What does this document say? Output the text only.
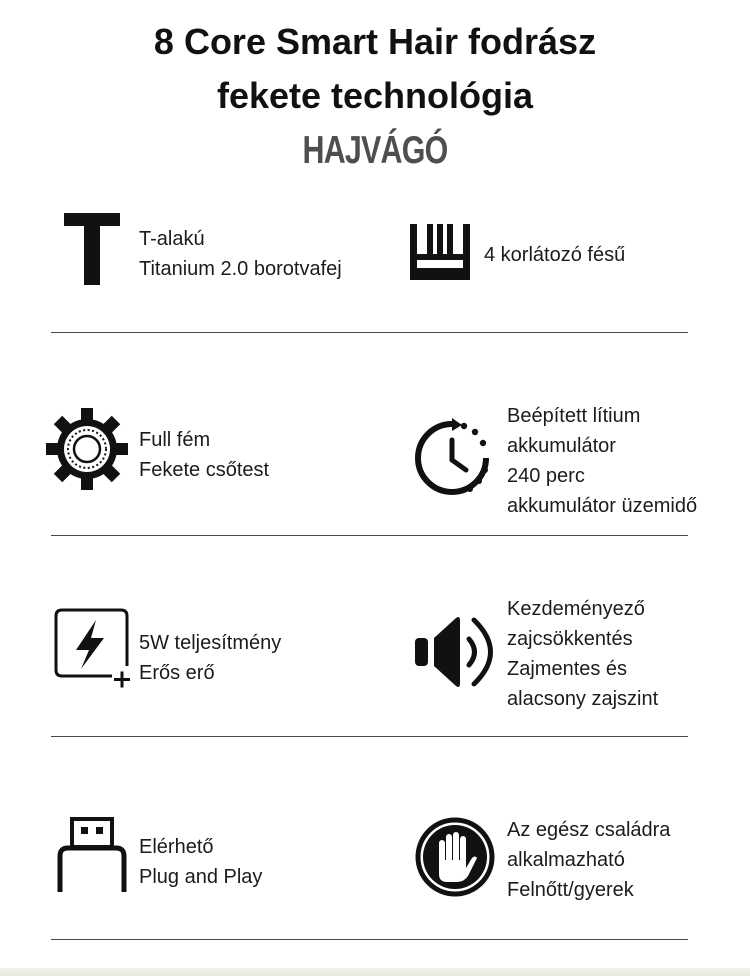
8 Core Smart Hair fodrász
fekete technológia
HAJVÁGÓ
T-alakú
Titanium 2.0 borotvafej
4 korlátozó fésű
Full fém
Fekete csőtest
Beépített lítium
akkumulátor
240 perc
akkumulátor üzemidő
5W teljesítmény
Erős erő
Kezdeményező
zajcsökkentés
Zajmentes és
alacsony zajszint
Elérhető
Plug and Play
Az egész családra
alkalmazható
Felnőtt/gyerek
